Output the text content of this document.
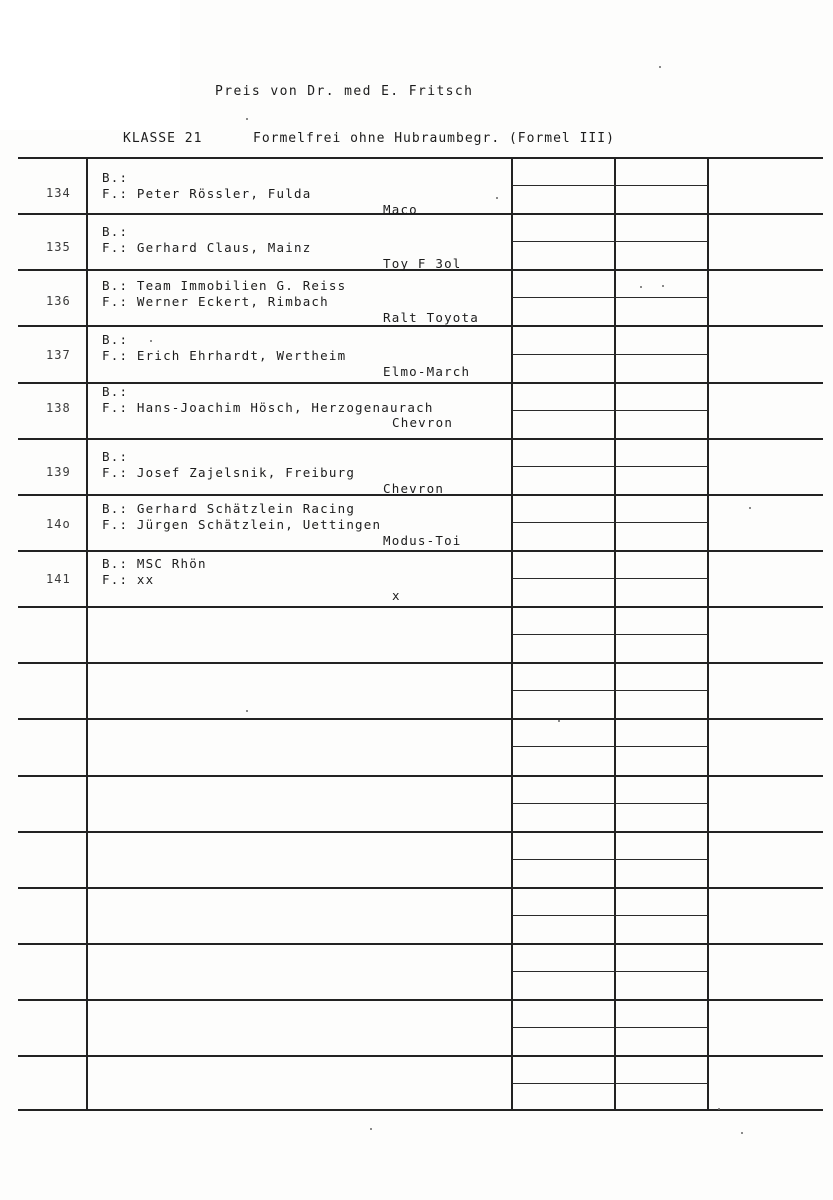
Preis von Dr. med E. Fritsch
KLASSE 21	Formelfrei ohne Hubraumbegr. (Formel III)
134
B.:
F.: Peter Rössler, Fulda
Maco
135
B.:
F.: Gerhard Claus, Mainz
Toy F 3ol
136
B.: Team Immobilien G. Reiss
F.: Werner Eckert, Rimbach
Ralt Toyota
137
B.:
F.: Erich Ehrhardt, Wertheim
Elmo-March
138
B.:
F.: Hans-Joachim Hösch, Herzogenaurach
Chevron
139
B.:
F.: Josef Zajelsnik, Freiburg
Chevron
14o
B.: Gerhard Schätzlein Racing
F.: Jürgen Schätzlein, Uettingen
Modus-Toi
141
B.: MSC Rhön
F.: xx
x
